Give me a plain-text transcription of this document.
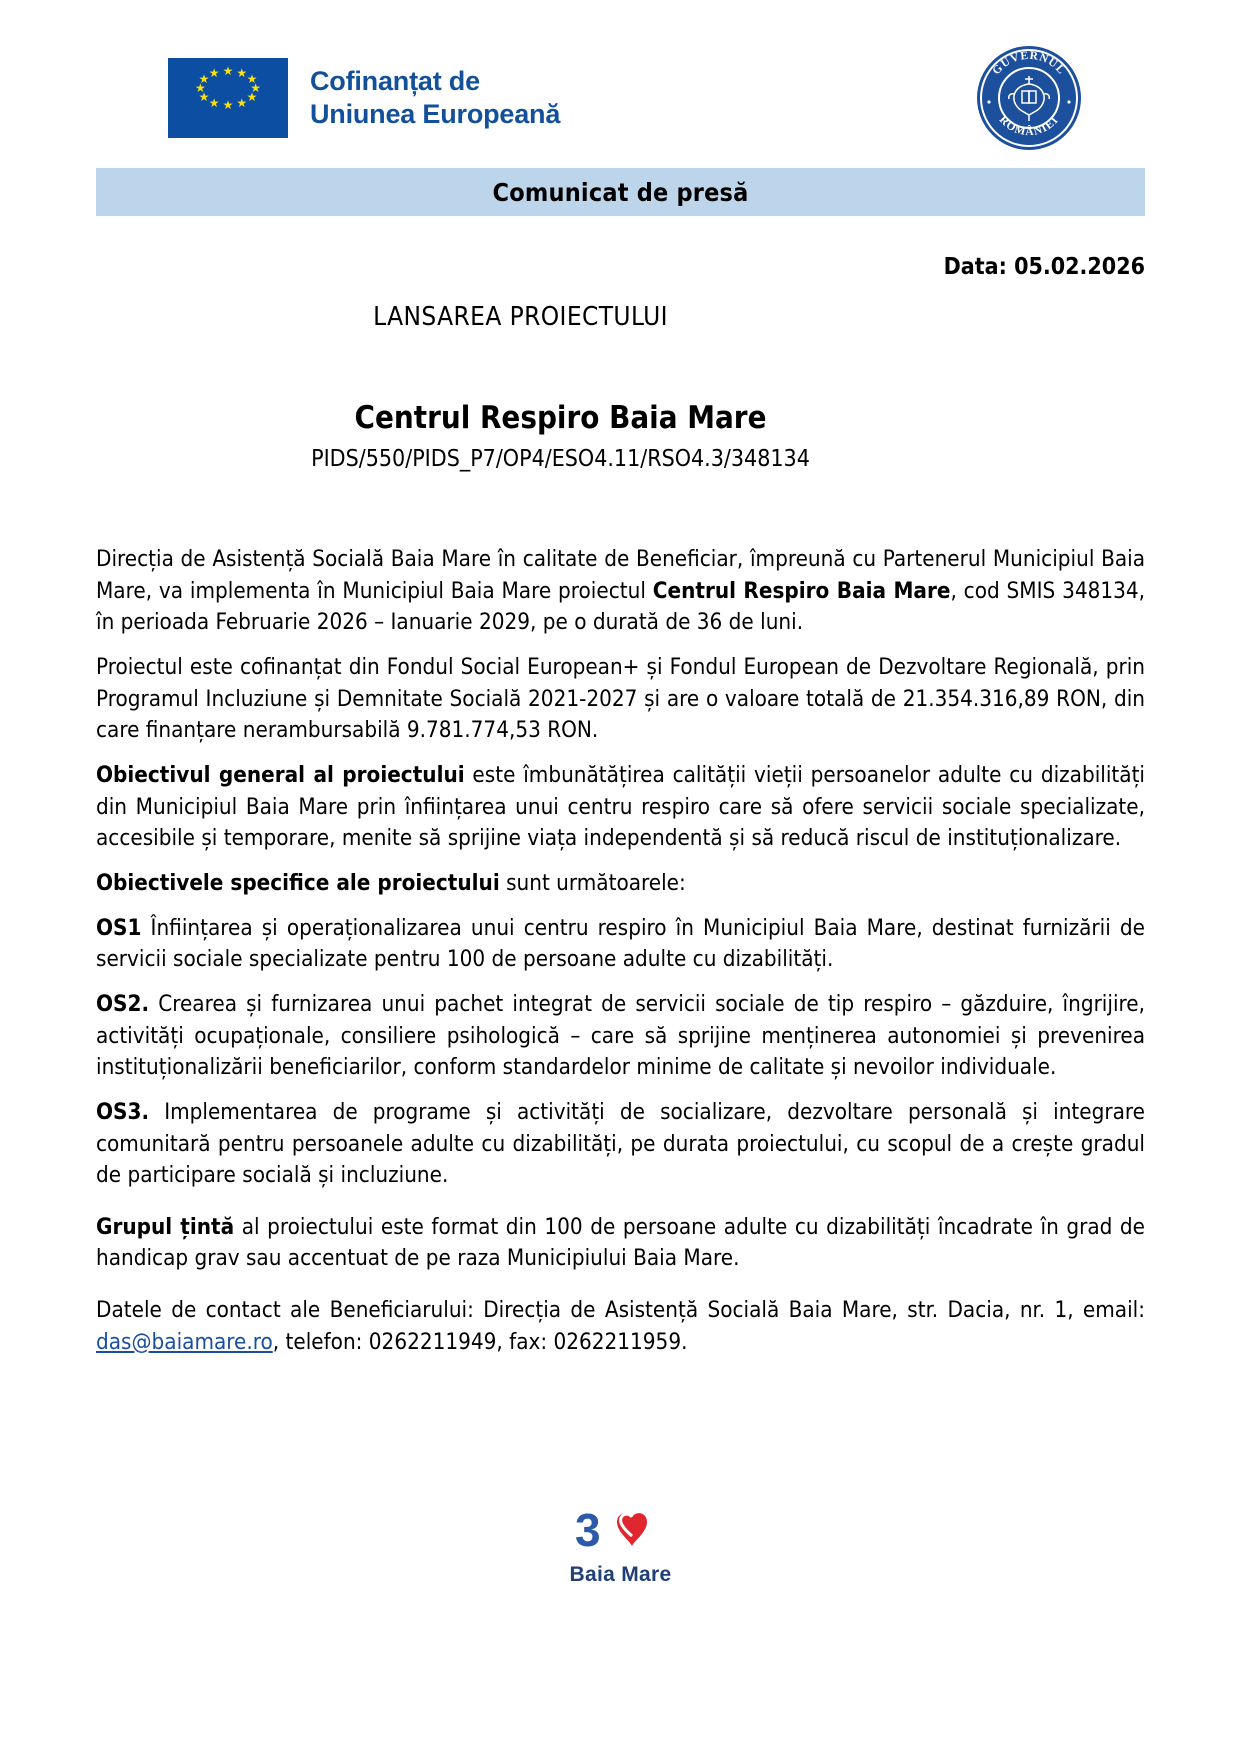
★ ★ ★
★
★
★
★
★
★
★
★ ★	Cofinanțat de
Uniunea Europeană
GUVERNUL
ROMÂNIEI
Comunicat de presă
Data: 05.02.2026
LANSAREA PROIECTULUI
Centrul Respiro Baia Mare
PIDS/550/PIDS_P7/OP4/ESO4.11/RSO4.3/348134

Direcția de Asistență Socială Baia Mare în calitate de Beneficiar, împreună cu Partenerul Municipiul Baia Mare, va implementa în Municipiul Baia Mare proiectul Centrul Respiro Baia Mare, cod SMIS 348134, în perioada Februarie 2026 – Ianuarie 2029, pe o durată de 36 de luni.

Proiectul este cofinanțat din Fondul Social European+ și Fondul European de Dezvoltare Regională, prin Programul Incluziune și Demnitate Socială 2021-2027 și are o valoare totală de 21.354.316,89 RON, din care finanțare nerambursabilă 9.781.774,53 RON.

Obiectivul general al proiectului este îmbunătățirea calității vieții persoanelor adulte cu dizabilități din Municipiul Baia Mare prin înființarea unui centru respiro care să ofere servicii sociale specializate, accesibile și temporare, menite să sprijine viața independentă și să reducă riscul de instituționalizare.

Obiectivele specifice ale proiectului sunt următoarele:

OS1 Înființarea și operaționalizarea unui centru respiro în Municipiul Baia Mare, destinat furnizării de servicii sociale specializate pentru 100 de persoane adulte cu dizabilități.

OS2. Crearea și furnizarea unui pachet integrat de servicii sociale de tip respiro – găzduire, îngrijire, activități ocupaționale, consiliere psihologică – care să sprijine menținerea autonomiei și prevenirea instituționalizării beneficiarilor, conform standardelor minime de calitate și nevoilor individuale.

OS3. Implementarea de programe și activități de socializare, dezvoltare personală și integrare comunitară pentru persoanele adulte cu dizabilități, pe durata proiectului, cu scopul de a crește gradul de participare socială și incluziune.

Grupul țintă al proiectului este format din 100 de persoane adulte cu dizabilități încadrate în grad de handicap grav sau accentuat de pe raza Municipiului Baia Mare.

Datele de contact ale Beneficiarului: Direcția de Asistență Socială Baia Mare, str. Dacia, nr. 1, email: das@baiamare.ro, telefon: 0262211949, fax: 0262211959.

3
Baia Mare
